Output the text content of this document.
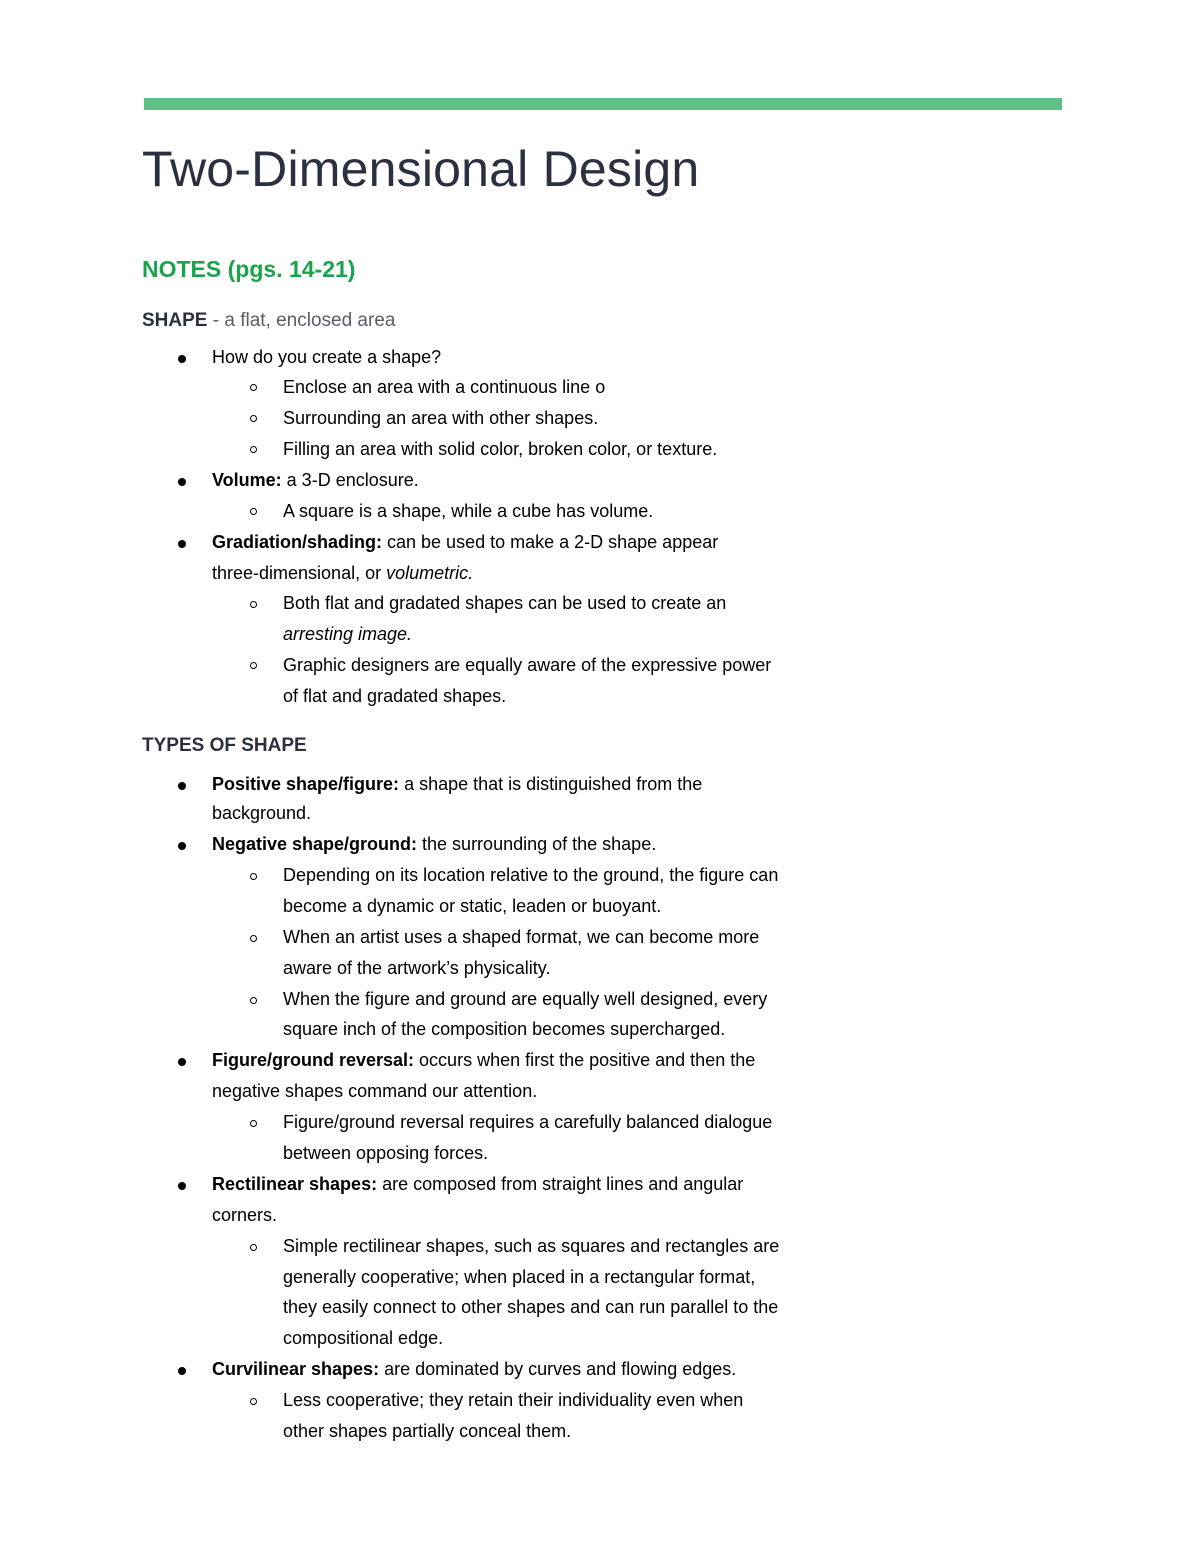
Two-Dimensional Design
NOTES (pgs. 14-21)

SHAPE - a flat, enclosed area

How do you create a shape?
Enclose an area with a continuous line o
Surrounding an area with other shapes.
Filling an area with solid color, broken color, or texture.
Volume: a 3-D enclosure.
A square is a shape, while a cube has volume.
Gradiation/shading: can be used to make a 2-D shape appear
three-dimensional, or volumetric.
Both flat and gradated shapes can be used to create an
arresting image.
Graphic designers are equally aware of the expressive power
of flat and gradated shapes.
TYPES OF SHAPE
Positive shape/figure: a shape that is distinguished from the
background.
Negative shape/ground: the surrounding of the shape.
Depending on its location relative to the ground, the figure can
become a dynamic or static, leaden or buoyant.
When an artist uses a shaped format, we can become more
aware of the artwork’s physicality.
When the figure and ground are equally well designed, every
square inch of the composition becomes supercharged.
Figure/ground reversal: occurs when first the positive and then the
negative shapes command our attention.
Figure/ground reversal requires a carefully balanced dialogue
between opposing forces.
Rectilinear shapes: are composed from straight lines and angular
corners.
Simple rectilinear shapes, such as squares and rectangles are
generally cooperative; when placed in a rectangular format,
they easily connect to other shapes and can run parallel to the
compositional edge.
Curvilinear shapes: are dominated by curves and flowing edges.
Less cooperative; they retain their individuality even when
other shapes partially conceal them.
